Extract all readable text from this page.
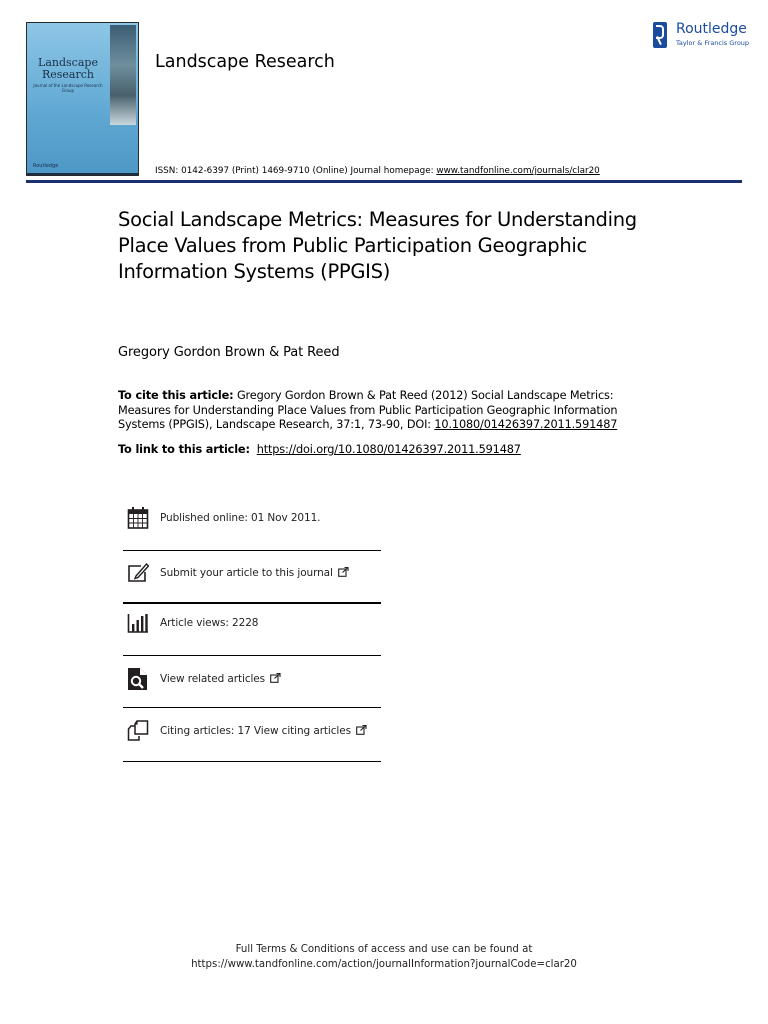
Landscape Research
Journal of the Landscape Research Group
Routledge
Landscape Research
Routledge
Taylor & Francis Group
ISSN: 0142-6397 (Print) 1469-9710 (Online) Journal homepage: www.tandfonline.com/journals/clar20
Social Landscape Metrics: Measures for Understanding Place Values from Public Participation Geographic Information Systems (PPGIS)
Gregory Gordon Brown & Pat Reed
To cite this article: Gregory Gordon Brown & Pat Reed (2012) Social Landscape Metrics: Measures for Understanding Place Values from Public Participation Geographic Information Systems (PPGIS), Landscape Research, 37:1, 73-90, DOI: 10.1080/01426397.2011.591487
To link to this article: https://doi.org/10.1080/01426397.2011.591487
Published online: 01 Nov 2011.
Submit your article to this journal
Article views: 2228
View related articles
Citing articles: 17 View citing articles
Full Terms & Conditions of access and use can be found at
https://www.tandfonline.com/action/journalInformation?journalCode=clar20
